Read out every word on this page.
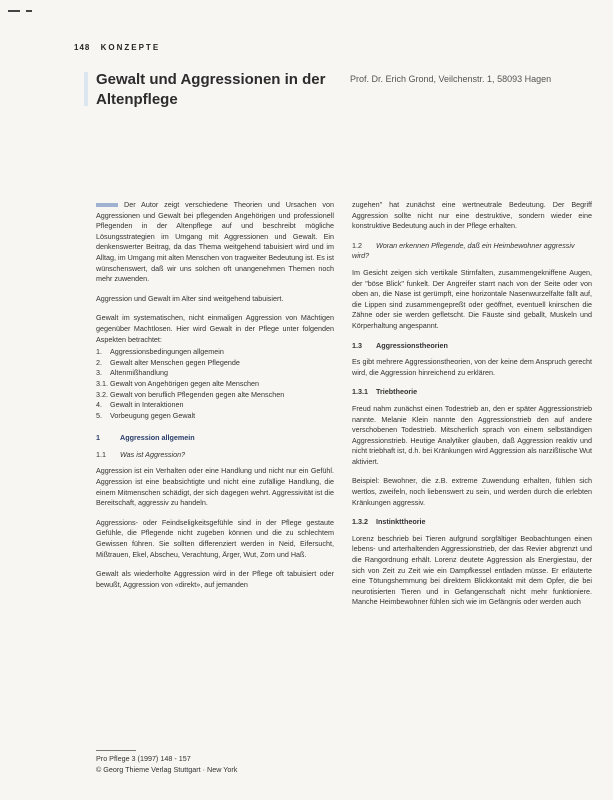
148 KONZEPTE
Gewalt und Aggressionen in der Altenpflege
Prof. Dr. Erich Grond, Veilchenstr. 1, 58093 Hagen

Der Autor zeigt verschiedene Theorien und Ursachen von Aggressionen und Gewalt bei pflegenden Angehörigen und professionell Pflegenden in der Altenpflege auf und beschreibt mögliche Lösungsstrategien im Umgang mit Aggressionen und Gewalt. Ein denkenswerter Beitrag, da das Thema weitgehend tabuisiert wird und im Alltag, im Umgang mit alten Menschen von tragweiter Bedeutung ist. Es ist wünschenswert, daß wir uns solchen oft unangenehmen Themen noch mehr zuwenden.

Aggression und Gewalt im Alter sind weitgehend tabuisiert.

Gewalt im systematischen, nicht einmaligen Aggression von Mächtigen gegenüber Machtlosen. Hier wird Gewalt in der Pflege unter folgenden Aspekten betrachtet:

1.	Aggressionsbedingungen allgemein
2.	Gewalt alter Menschen gegen Pflegende
3.	Altenmißhandlung
3.1. Gewalt von Angehörigen gegen alte Menschen
3.2. Gewalt von beruflich Pflegenden gegen alte Menschen
4.	Gewalt in Interaktionen
5.	Vorbeugung gegen Gewalt
1	Aggression allgemein
1.1 Was ist Aggression?

Aggression ist ein Verhalten oder eine Handlung und nicht nur ein Gefühl. Aggression ist eine beabsichtigte und nicht eine zufällige Handlung, die einem Mitmenschen schädigt, der sich dagegen wehrt. Aggressivität ist die Bereitschaft, aggressiv zu handeln.

Aggressions- oder Feindseligkeitsgefühle sind in der Pflege gestaute Gefühle, die Pflegende nicht zugeben können und die zu schlechtem Gewissen führen. Sie sollten differenziert werden in Neid, Eifersucht, Mißtrauen, Ekel, Abscheu, Verachtung, Ärger, Wut, Zorn und Haß.

Gewalt als wiederholte Aggression wird in der Pflege oft tabuisiert oder bewußt, Aggression von «direkt», auf jemanden

zugehen" hat zunächst eine wertneutrale Bedeutung. Der Begriff Aggression sollte nicht nur eine destruktive, sondern wieder eine konstruktive Bedeutung auch in der Pflege erhalten.

1.2 Woran erkennen Pflegende, daß ein Heimbewohner aggressiv wird?

Im Gesicht zeigen sich vertikale Stirnfalten, zusammengekniffene Augen, der "böse Blick" funkelt. Der Angreifer starrt nach von der Seite oder von oben an, die Nase ist gerümpft, eine horizontale Nasenwurzelfalte fällt auf, die Lippen sind zusammengepreßt oder geöffnet, eventuell knirschen die Zähne oder sie werden gefletscht. Die Fäuste sind geballt, Muskeln und Körperhaltung angespannt.

1.3 Aggressionstheorien

Es gibt mehrere Aggressionstheorien, von der keine dem Anspruch gerecht wird, die Aggression hinreichend zu erklären.

1.3.1 Triebtheorie

Freud nahm zunächst einen Todestrieb an, den er später Aggressionstrieb nannte. Melanie Klein nannte den Aggressionstrieb den auf andere verschobenen Todestrieb. Mitscherlich sprach von einem selbständigen Aggressionstrieb. Heutige Analytiker glauben, daß Aggression reaktiv und nicht triebhaft ist, d.h. bei Kränkungen wird Aggression als narzißtische Wut aktiviert.

Beispiel: Bewohner, die z.B. extreme Zuwendung erhalten, fühlen sich wertlos, zweifeln, noch liebenswert zu sein, und werden durch die erlebten Kränkungen aggressiv.

1.3.2 Instinkttheorie

Lorenz beschrieb bei Tieren aufgrund sorgfältiger Beobachtungen einen lebens- und arterhaltenden Aggressionstrieb, der das Revier abgrenzt und die Rangordnung erhält. Lorenz deutete Aggression als Energiestau, der sich von Zeit zu Zeit wie ein Dampfkessel entladen müsse. Er erläuterte eine Tötungshemmung bei direktem Blickkontakt mit dem Opfer, die bei neurotisierten Tieren und in Gefangenschaft nicht mehr funktioniere. Manche Heimbewohner fühlen sich wie im Gefängnis oder werden auch

Pro Pflege 3 (1997) 148 - 157
© Georg Thieme Verlag Stuttgart · New York
